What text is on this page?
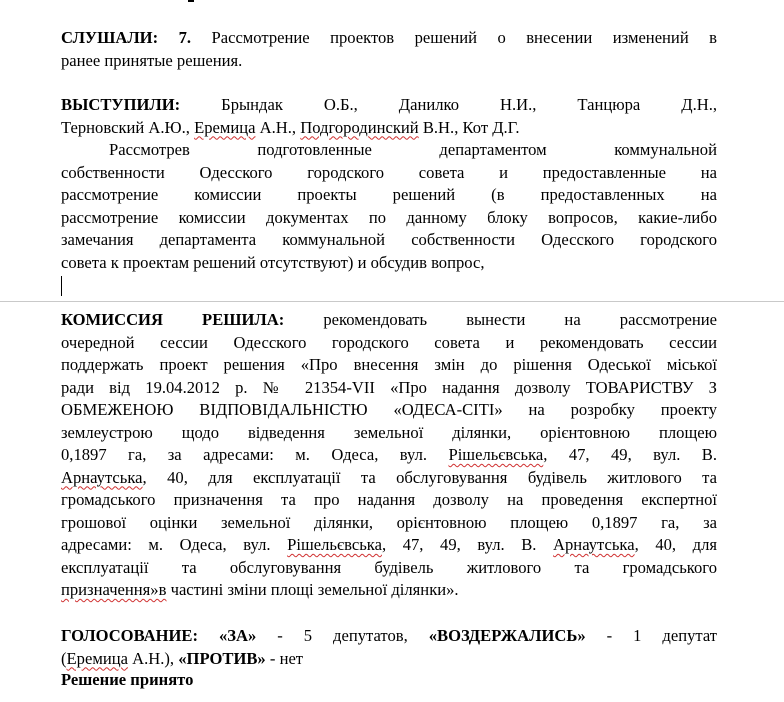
СЛУШАЛИ: 7. Рассмотрение проектов решений о внесении изменений в
ранее принятые решения.
ВЫСТУПИЛИ: Брындак О.Б., Данилко Н.И., Танцюра Д.Н.,
Терновский А.Ю., Еремица А.Н., Подгородинский В.Н., Кот Д.Г.
Рассмотрев подготовленные департаментом коммунальной
собственности Одесского городского совета и предоставленные на
рассмотрение комиссии проекты решений (в предоставленных на
рассмотрение комиссии документах по данному блоку вопросов, какие-либо
замечания департамента коммунальной собственности Одесского городского
совета к проектам решений отсутствуют) и обсудив вопрос,
КОМИССИЯ РЕШИЛА: рекомендовать вынести на рассмотрение
очередной сессии Одесского городского совета и рекомендовать сессии
поддержать проект решения «Про внесення змін до рішення Одеської міської
ради від 19.04.2012 р. № 21354-VІІ «Про надання дозволу ТОВАРИСТВУ З
ОБМЕЖЕНОЮ ВІДПОВІДАЛЬНІСТЮ «ОДЕСА-СІТІ» на розробку проекту
землеустрою щодо відведення земельної ділянки, орієнтовною площею
0,1897 га, за адресами: м. Одеса, вул. Рішельєвська, 47, 49, вул. В.
Арнаутська, 40, для експлуатації та обслуговування будівель житлового та
громадського призначення та про надання дозволу на проведення експертної
грошової оцінки земельної ділянки, орієнтовною площею 0,1897 га, за
адресами: м. Одеса, вул. Рішельєвська, 47, 49, вул. В. Арнаутська, 40, для
експлуатації та обслуговування будівель житлового та громадського
призначення»в частині зміни площі земельної ділянки».
ГОЛОСОВАНИЕ: «ЗА» - 5 депутатов, «ВОЗДЕРЖАЛИСЬ» - 1 депутат
(Еремица А.Н.), «ПРОТИВ» - нет
Решение принято
